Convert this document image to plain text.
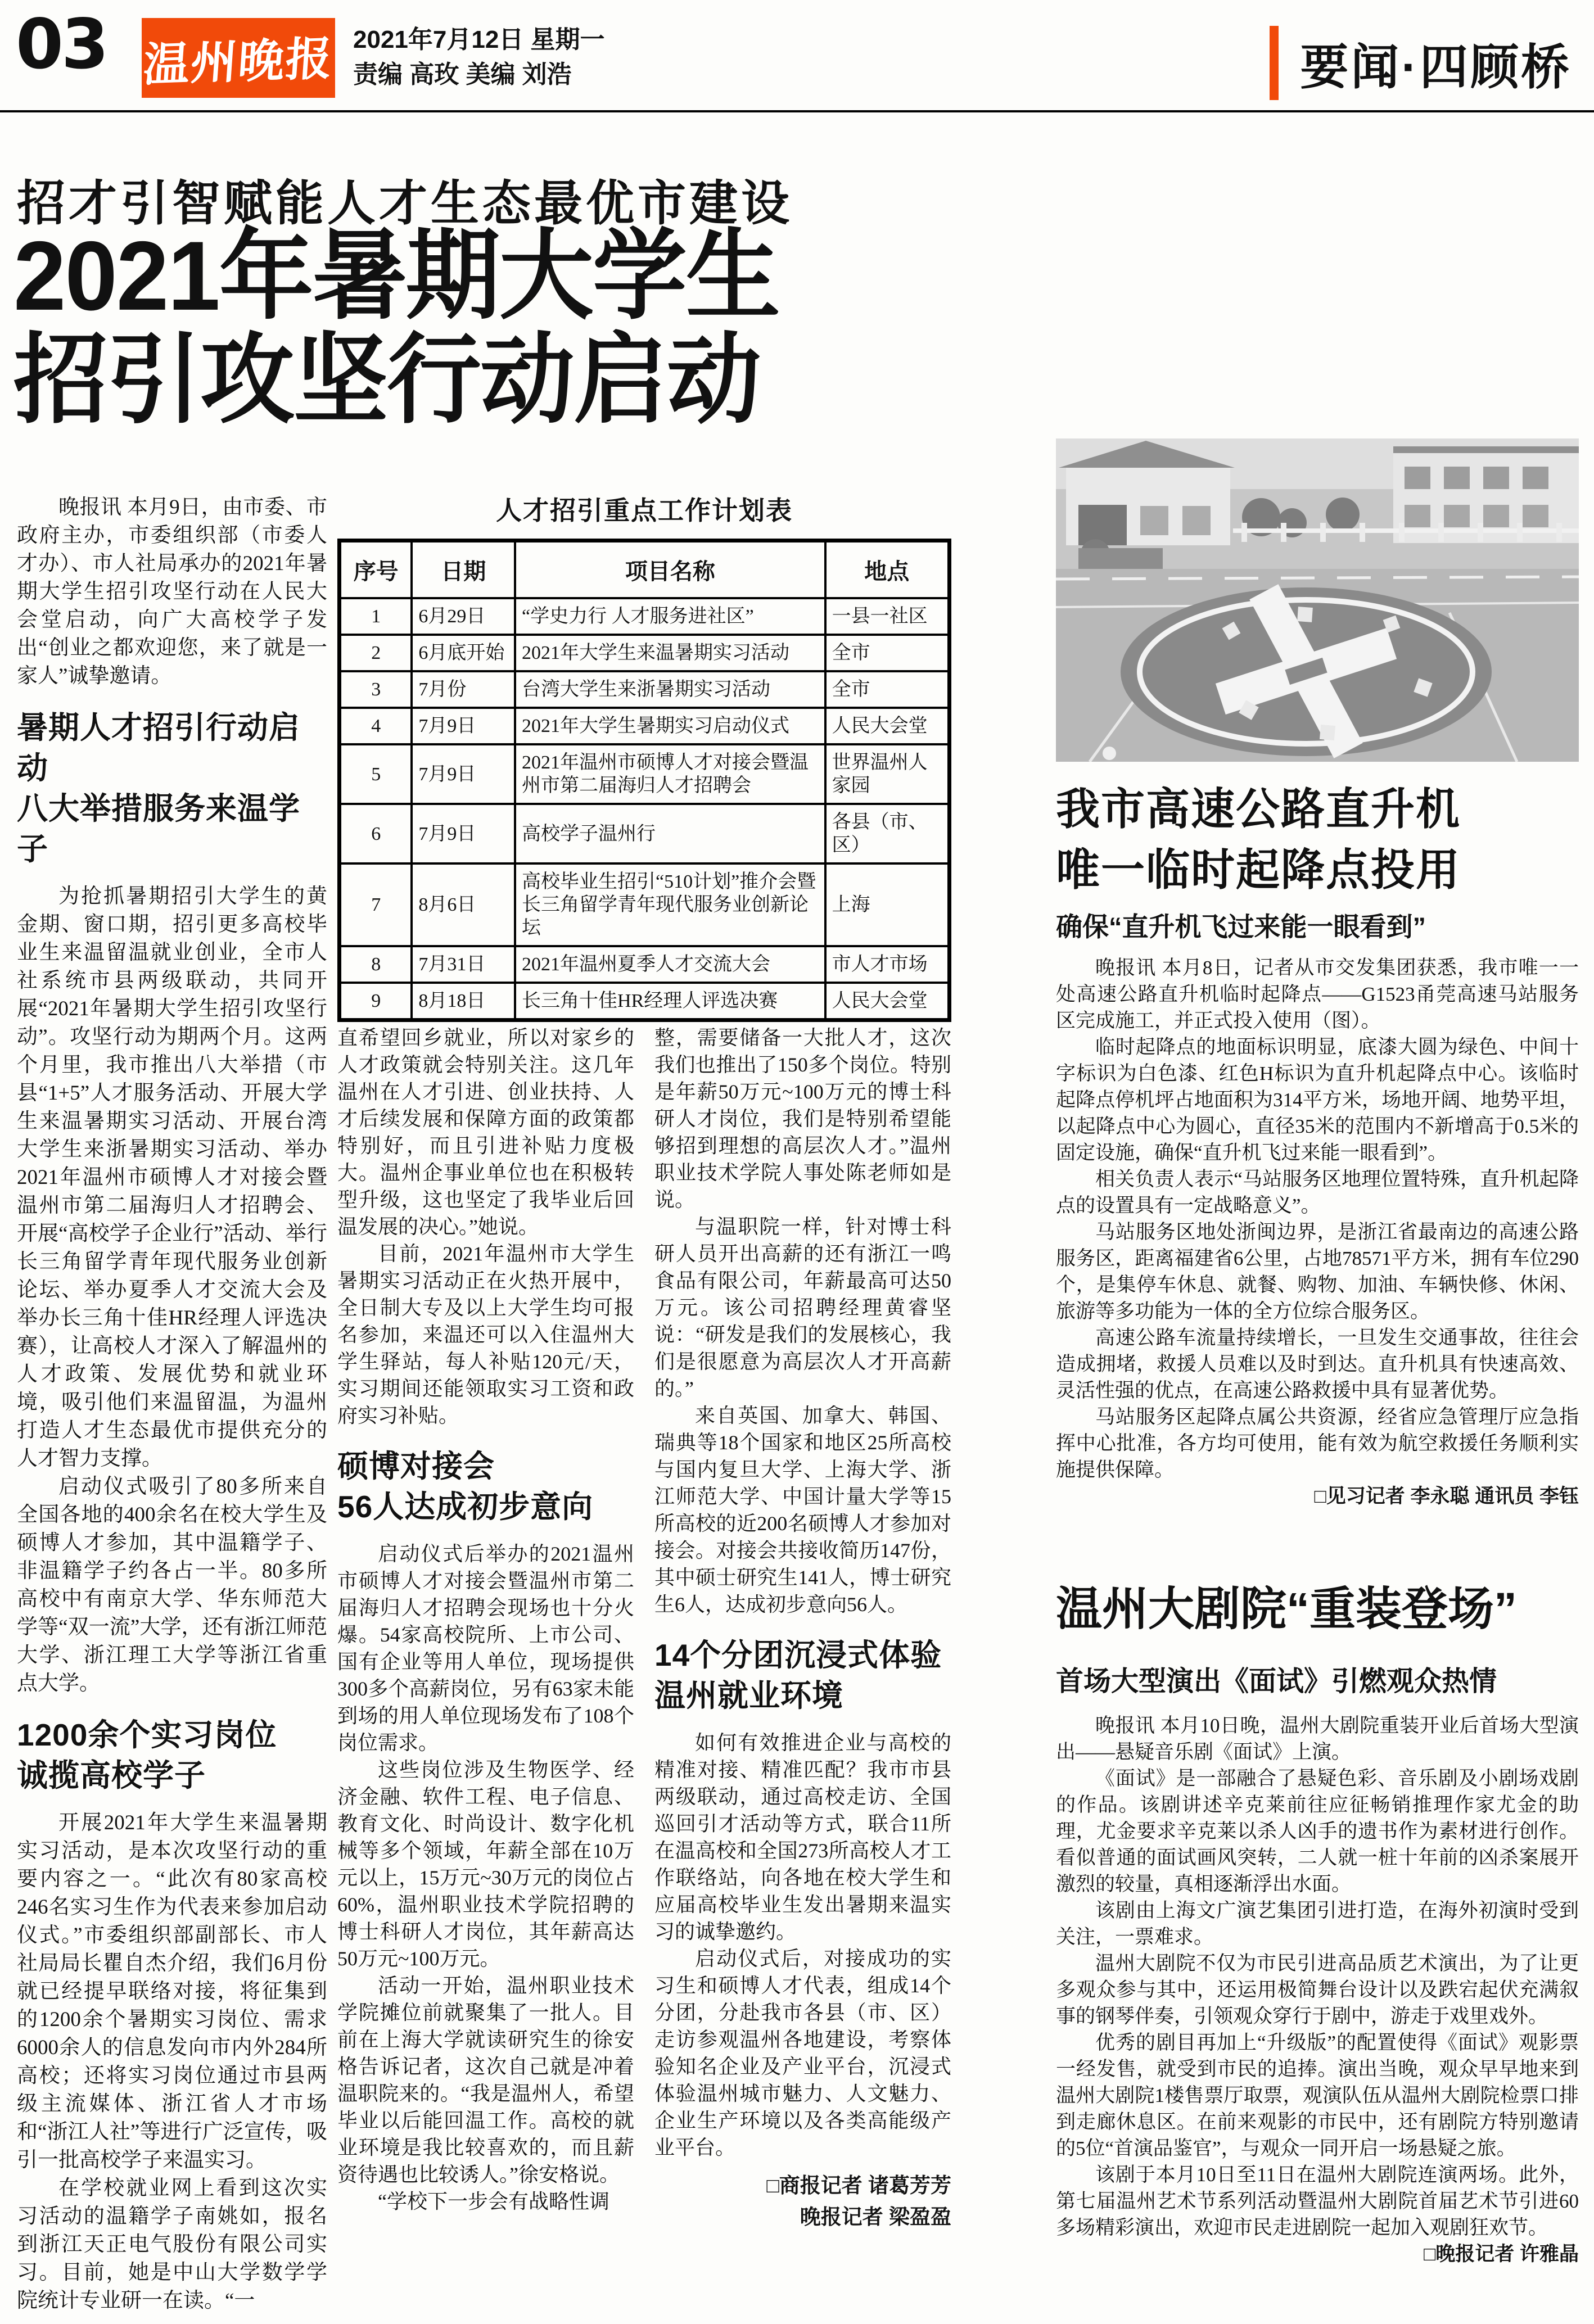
03 温州晚报 2021年7月12日 星期一
责编 高玫 美编 刘浩	要闻·四顾桥
招才引智赋能人才生态最优市建设
2021年暑期大学生
招引攻坚行动启动

晚报讯 本月9日，由市委、市政府主办，市委组织部（市委人才办）、市人社局承办的2021年暑期大学生招引攻坚行动在人民大会堂启动，向广大高校学子发出“创业之都欢迎您，来了就是一家人”诚挚邀请。

暑期人才招引行动启动
八大举措服务来温学子

为抢抓暑期招引大学生的黄金期、窗口期，招引更多高校毕业生来温留温就业创业，全市人社系统市县两级联动，共同开展“2021年暑期大学生招引攻坚行动”。攻坚行动为期两个月。这两个月里，我市推出八大举措（市县“1+5”人才服务活动、开展大学生来温暑期实习活动、开展台湾大学生来浙暑期实习活动、举办2021年温州市硕博人才对接会暨温州市第二届海归人才招聘会、开展“高校学子企业行”活动、举行长三角留学青年现代服务业创新论坛、举办夏季人才交流大会及举办长三角十佳HR经理人评选决赛），让高校人才深入了解温州的人才政策、发展优势和就业环境，吸引他们来温留温，为温州打造人才生态最优市提供充分的人才智力支撑。

启动仪式吸引了80多所来自全国各地的400余名在校大学生及硕博人才参加，其中温籍学子、非温籍学子约各占一半。80多所高校中有南京大学、华东师范大学等“双一流”大学，还有浙江师范大学、浙江理工大学等浙江省重点大学。

1200余个实习岗位
诚揽高校学子

开展2021年大学生来温暑期实习活动，是本次攻坚行动的重要内容之一。“此次有80家高校246名实习生作为代表来参加启动仪式。”市委组织部副部长、市人社局局长瞿自杰介绍，我们6月份就已经提早联络对接，将征集到的1200余个暑期实习岗位、需求6000余人的信息发向市内外284所高校；还将实习岗位通过市县两级主流媒体、浙江省人才市场和“浙江人社”等进行广泛宣传，吸引一批高校学子来温实习。

在学校就业网上看到这次实习活动的温籍学子南姚如，报名到浙江天正电气股份有限公司实习。目前，她是中山大学数学学院统计专业研一在读。“一

人才招引重点工作计划表
序号	日期	项目名称	地点
1	6月29日	“学史力行 人才服务进社区”	一县一社区
2	6月底开始	2021年大学生来温暑期实习活动	全市
3	7月份	台湾大学生来浙暑期实习活动	全市
4	7月9日	2021年大学生暑期实习启动仪式	人民大会堂
5	7月9日	2021年温州市硕博人才对接会暨温州市第二届海归人才招聘会	世界温州人家园
6	7月9日	高校学子温州行	各县（市、区）
7	8月6日	高校毕业生招引“510计划”推介会暨长三角留学青年现代服务业创新论坛	上海
8	7月31日	2021年温州夏季人才交流大会	市人才市场
9	8月18日	长三角十佳HR经理人评选决赛	人民大会堂

直希望回乡就业，所以对家乡的人才政策就会特别关注。这几年温州在人才引进、创业扶持、人才后续发展和保障方面的政策都特别好，而且引进补贴力度极大。温州企事业单位也在积极转型升级，这也坚定了我毕业后回温发展的决心。”她说。

目前，2021年温州市大学生暑期实习活动正在火热开展中，全日制大专及以上大学生均可报名参加，来温还可以入住温州大学生驿站，每人补贴120元/天，实习期间还能领取实习工资和政府实习补贴。

硕博对接会
56人达成初步意向

启动仪式后举办的2021温州市硕博人才对接会暨温州市第二届海归人才招聘会现场也十分火爆。54家高校院所、上市公司、国有企业等用人单位，现场提供300多个高薪岗位，另有63家未能到场的用人单位现场发布了108个岗位需求。

这些岗位涉及生物医学、经济金融、软件工程、电子信息、教育文化、时尚设计、数字化机械等多个领域，年薪全部在10万元以上，15万元~30万元的岗位占60%，温州职业技术学院招聘的博士科研人才岗位，其年薪高达50万元~100万元。

活动一开始，温州职业技术学院摊位前就聚集了一批人。目前在上海大学就读研究生的徐安格告诉记者，这次自己就是冲着温职院来的。“我是温州人，希望毕业以后能回温工作。高校的就业环境是我比较喜欢的，而且薪资待遇也比较诱人。”徐安格说。

“学校下一步会有战略性调

整，需要储备一大批人才，这次我们也推出了150多个岗位。特别是年薪50万元~100万元的博士科研人才岗位，我们是特别希望能够招到理想的高层次人才。”温州职业技术学院人事处陈老师如是说。

与温职院一样，针对博士科研人员开出高薪的还有浙江一鸣食品有限公司，年薪最高可达50万元。该公司招聘经理黄睿坚说：“研发是我们的发展核心，我们是很愿意为高层次人才开高薪的。”

来自英国、加拿大、韩国、瑞典等18个国家和地区25所高校与国内复旦大学、上海大学、浙江师范大学、中国计量大学等15所高校的近200名硕博人才参加对接会。对接会共接收简历147份，其中硕士研究生141人，博士研究生6人，达成初步意向56人。

14个分团沉浸式体验
温州就业环境

如何有效推进企业与高校的精准对接、精准匹配？我市市县两级联动，通过高校走访、全国巡回引才活动等方式，联合11所在温高校和全国273所高校人才工作联络站，向各地在校大学生和应届高校毕业生发出暑期来温实习的诚挚邀约。

启动仪式后，对接成功的实习生和硕博人才代表，组成14个分团，分赴我市各县（市、区）走访参观温州各地建设，考察体验知名企业及产业平台，沉浸式体验温州城市魅力、人文魅力、企业生产环境以及各类高能级产业平台。

□商报记者 诸葛芳芳
晚报记者 梁盈盈
我市高速公路直升机
唯一临时起降点投用
确保“直升机飞过来能一眼看到”

晚报讯 本月8日，记者从市交发集团获悉，我市唯一一处高速公路直升机临时起降点——G1523甬莞高速马站服务区完成施工，并正式投入使用（图）。

临时起降点的地面标识明显，底漆大圆为绿色、中间十字标识为白色漆、红色H标识为直升机起降点中心。该临时起降点停机坪占地面积为314平方米，场地开阔、地势平坦，以起降点中心为圆心，直径35米的范围内不新增高于0.5米的固定设施，确保“直升机飞过来能一眼看到”。

相关负责人表示“马站服务区地理位置特殊，直升机起降点的设置具有一定战略意义”。

马站服务区地处浙闽边界，是浙江省最南边的高速公路服务区，距离福建省6公里，占地78571平方米，拥有车位290个，是集停车休息、就餐、购物、加油、车辆快修、休闲、旅游等多功能为一体的全方位综合服务区。

高速公路车流量持续增长，一旦发生交通事故，往往会造成拥堵，救援人员难以及时到达。直升机具有快速高效、灵活性强的优点，在高速公路救援中具有显著优势。

马站服务区起降点属公共资源，经省应急管理厅应急指挥中心批准，各方均可使用，能有效为航空救援任务顺利实施提供保障。

□见习记者 李永聪 通讯员 李钰

温州大剧院“重装登场”
首场大型演出《面试》引燃观众热情

晚报讯 本月10日晚，温州大剧院重装开业后首场大型演出——悬疑音乐剧《面试》上演。

《面试》是一部融合了悬疑色彩、音乐剧及小剧场戏剧的作品。该剧讲述辛克莱前往应征畅销推理作家尤金的助理，尤金要求辛克莱以杀人凶手的遗书作为素材进行创作。看似普通的面试画风突转，二人就一桩十年前的凶杀案展开激烈的较量，真相逐渐浮出水面。

该剧由上海文广演艺集团引进打造，在海外初演时受到关注，一票难求。

温州大剧院不仅为市民引进高品质艺术演出，为了让更多观众参与其中，还运用极简舞台设计以及跌宕起伏充满叙事的钢琴伴奏，引领观众穿行于剧中，游走于戏里戏外。

优秀的剧目再加上“升级版”的配置使得《面试》观影票一经发售，就受到市民的追捧。演出当晚，观众早早地来到温州大剧院1楼售票厅取票，观演队伍从温州大剧院检票口排到走廊休息区。在前来观影的市民中，还有剧院方特别邀请的5位“首演品鉴官”，与观众一同开启一场悬疑之旅。

该剧于本月10日至11日在温州大剧院连演两场。此外，第七届温州艺术节系列活动暨温州大剧院首届艺术节引进60多场精彩演出，欢迎市民走进剧院一起加入观剧狂欢节。

□晚报记者 许雅晶
